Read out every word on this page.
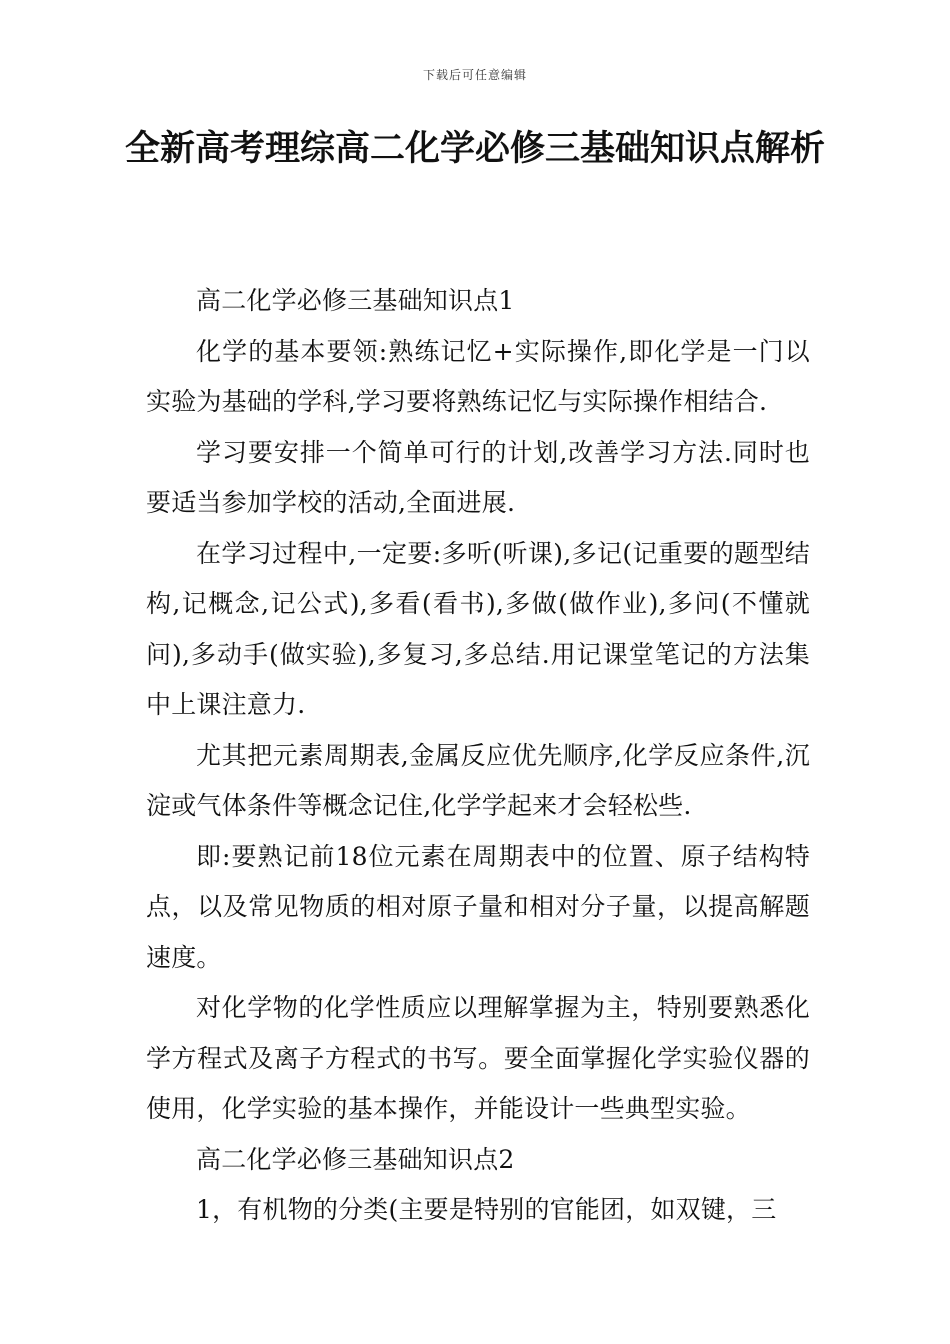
下载后可任意编辑
全新高考理综高二化学必修三基础知识点解析

高二化学必修三基础知识点1

化学的基本要领:熟练记忆+实际操作,即化学是一门以实验为基础的学科,学习要将熟练记忆与实际操作相结合.

学习要安排一个简单可行的计划,改善学习方法.同时也要适当参加学校的活动,全面进展.

在学习过程中,一定要:多听(听课),多记(记重要的题型结构,记概念,记公式),多看(看书),多做(做作业),多问(不懂就问),多动手(做实验),多复习,多总结.用记课堂笔记的方法集中上课注意力.

尤其把元素周期表,金属反应优先顺序,化学反应条件,沉淀或气体条件等概念记住,化学学起来才会轻松些.

即:要熟记前18位元素在周期表中的位置、原子结构特点，以及常见物质的相对原子量和相对分子量，以提高解题速度。

对化学物的化学性质应以理解掌握为主，特别要熟悉化学方程式及离子方程式的书写。要全面掌握化学实验仪器的使用，化学实验的基本操作，并能设计一些典型实验。

高二化学必修三基础知识点2

1，有机物的分类(主要是特别的官能团，如双键，三
